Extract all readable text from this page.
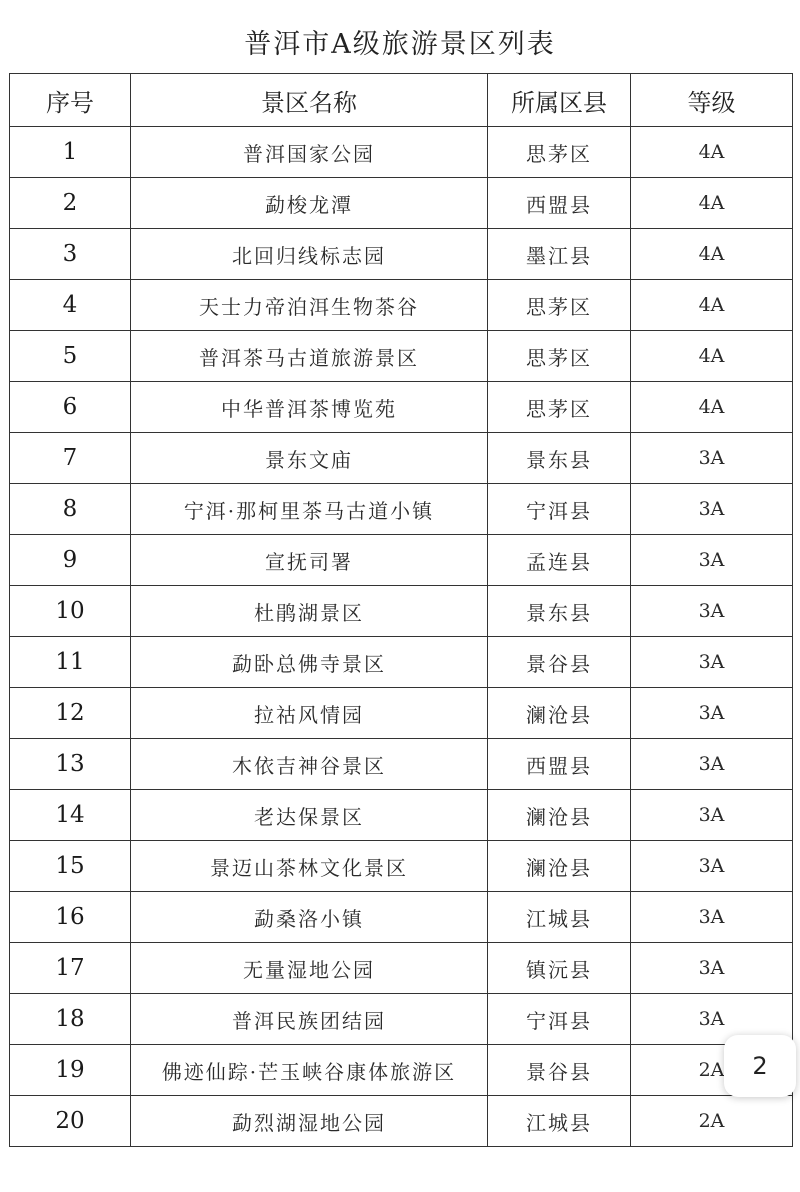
普洱市A级旅游景区列表
序号	景区名称	所属区县	等级
1	普洱国家公园	思茅区	4A
2	勐梭龙潭	西盟县	4A
3	北回归线标志园	墨江县	4A
4	天士力帝泊洱生物茶谷	思茅区	4A
5	普洱茶马古道旅游景区	思茅区	4A
6	中华普洱茶博览苑	思茅区	4A
7	景东文庙	景东县	3A
8	宁洱·那柯里茶马古道小镇	宁洱县	3A
9	宣抚司署	孟连县	3A
10	杜鹃湖景区	景东县	3A
11	勐卧总佛寺景区	景谷县	3A
12	拉祜风情园	澜沧县	3A
13	木依吉神谷景区	西盟县	3A
14	老达保景区	澜沧县	3A
15	景迈山茶林文化景区	澜沧县	3A
16	勐桑洛小镇	江城县	3A
17	无量湿地公园	镇沅县	3A
18	普洱民族团结园	宁洱县	3A
19	佛迹仙踪·芒玉峡谷康体旅游区	景谷县	2A
20	勐烈湖湿地公园	江城县	2A
2
